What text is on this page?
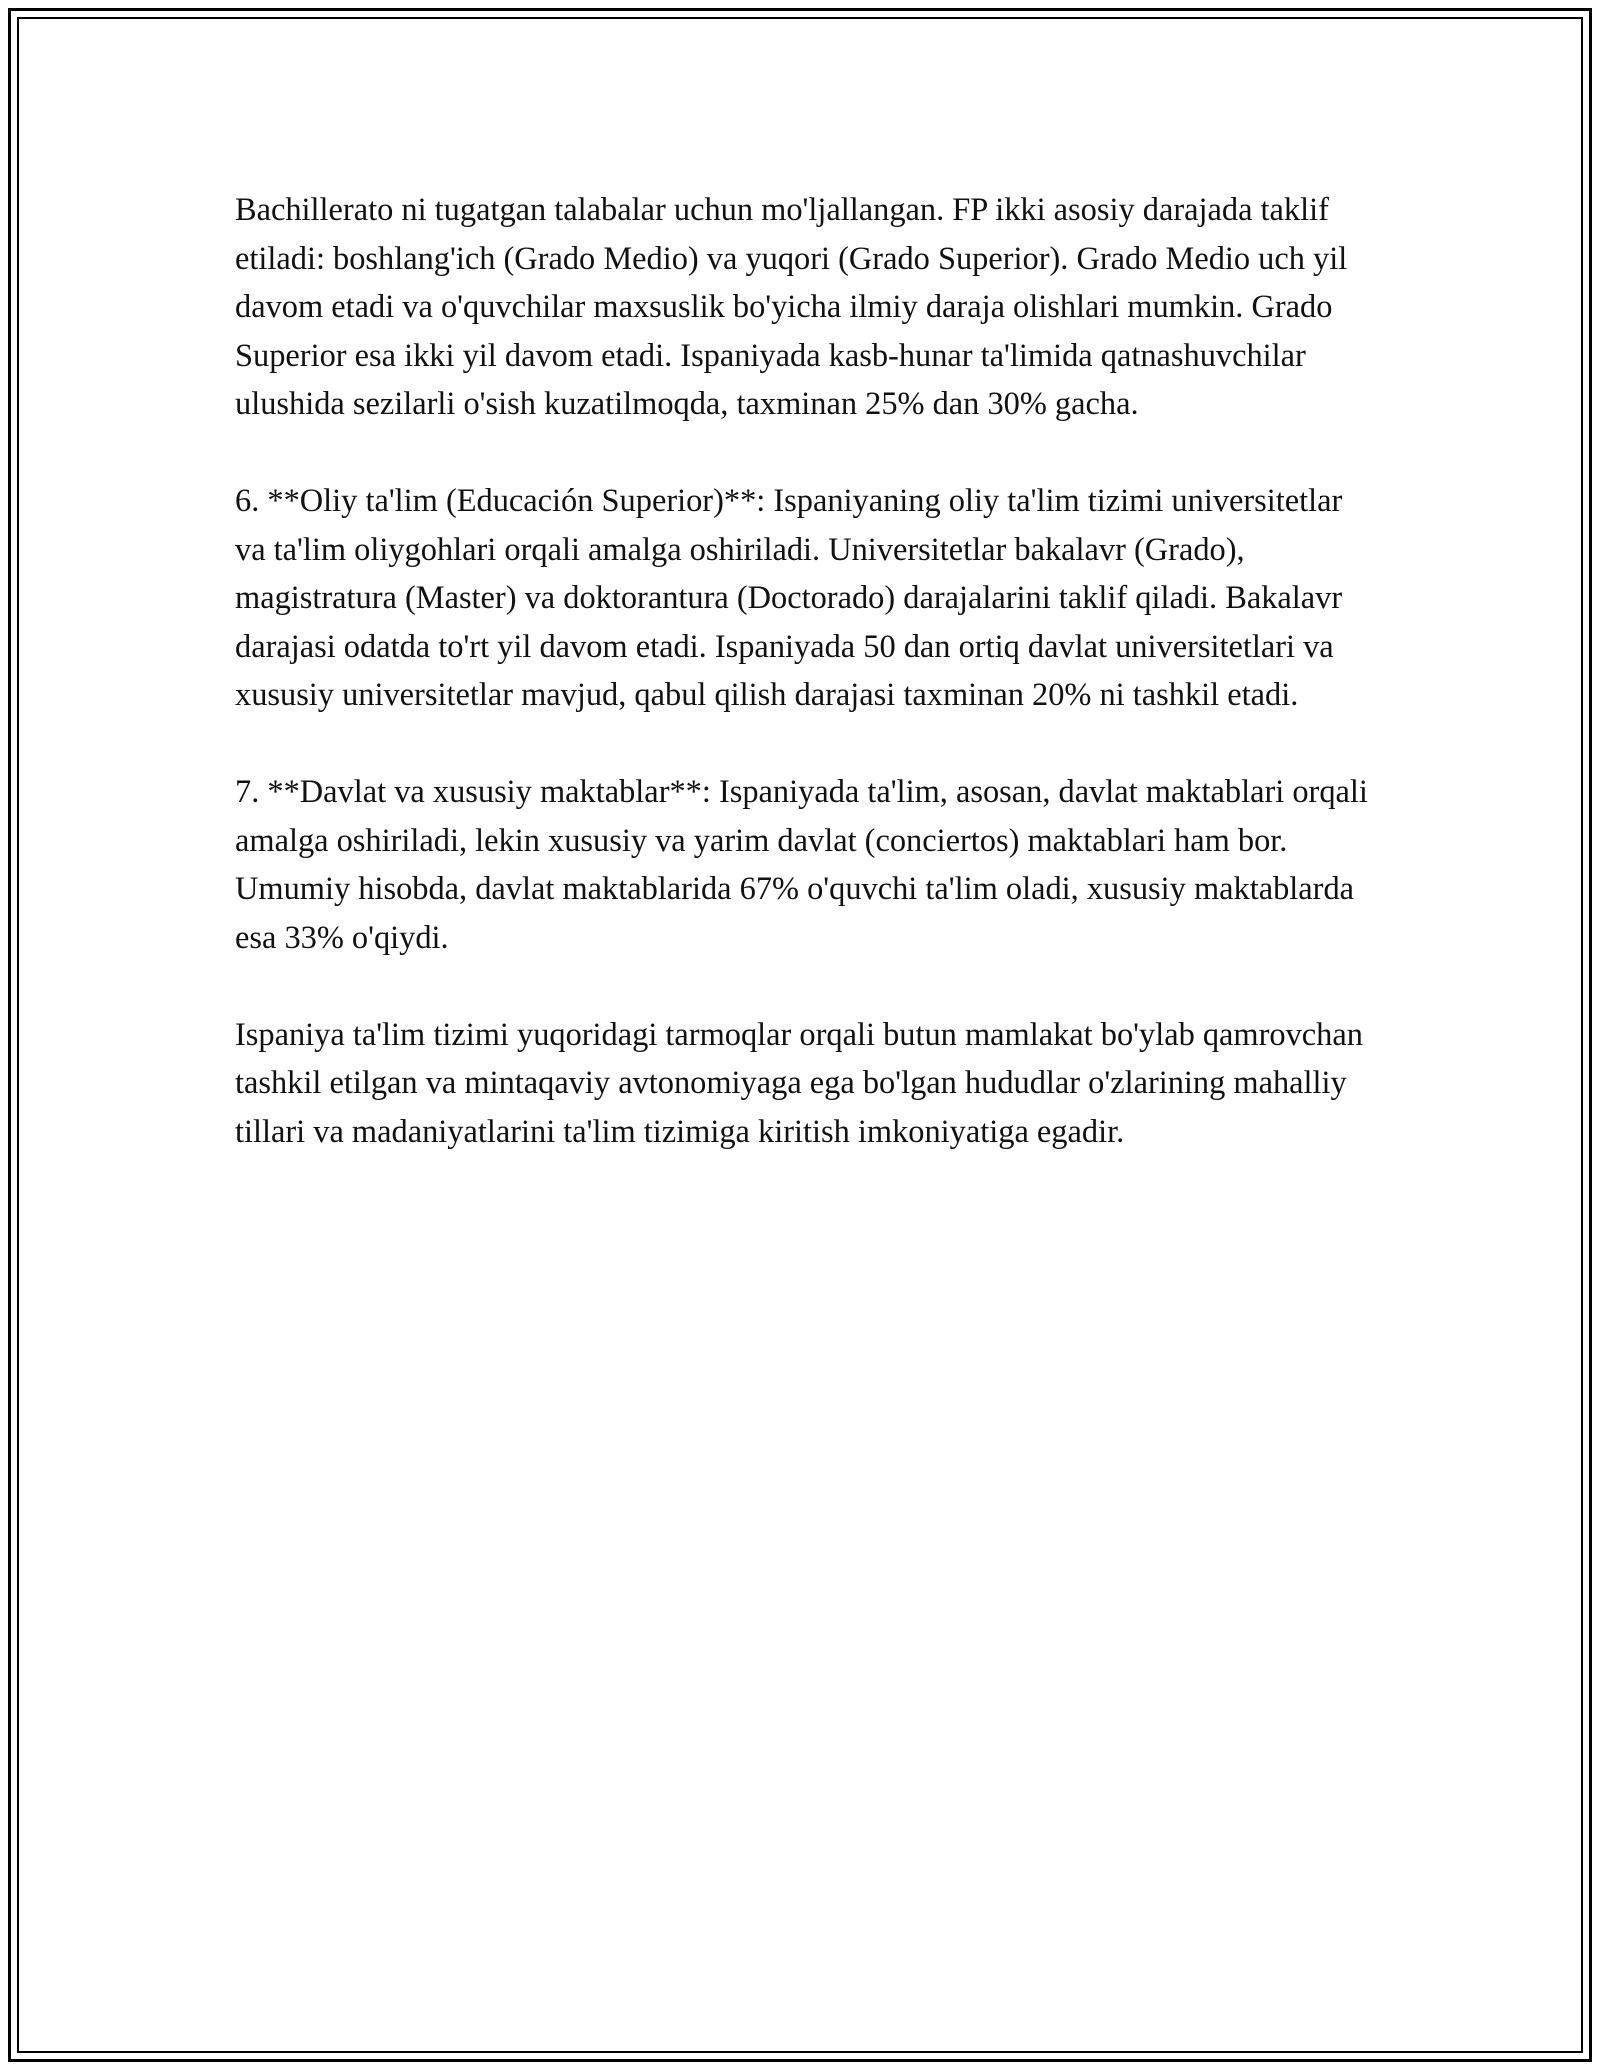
Bachillerato ni tugatgan talabalar uchun mo'ljallangan. FP ikki asosiy darajada taklif etiladi: boshlang'ich (Grado Medio) va yuqori (Grado Superior). Grado Medio uch yil davom etadi va o'quvchilar maxsuslik bo'yicha ilmiy daraja olishlari mumkin. Grado Superior esa ikki yil davom etadi. Ispaniyada kasb-hunar ta'limida qatnashuvchilar ulushida sezilarli o'sish kuzatilmoqda, taxminan 25% dan 30% gacha.

6. **Oliy ta'lim (Educación Superior)**: Ispaniyaning oliy ta'lim tizimi universitetlar va ta'lim oliygohlari orqali amalga oshiriladi. Universitetlar bakalavr (Grado), magistratura (Master) va doktorantura (Doctorado) darajalarini taklif qiladi. Bakalavr darajasi odatda to'rt yil davom etadi. Ispaniyada 50 dan ortiq davlat universitetlari va xususiy universitetlar mavjud, qabul qilish darajasi taxminan 20% ni tashkil etadi.

7. **Davlat va xususiy maktablar**: Ispaniyada ta'lim, asosan, davlat maktablari orqali amalga oshiriladi, lekin xususiy va yarim davlat (conciertos) maktablari ham bor. Umumiy hisobda, davlat maktablarida 67% o'quvchi ta'lim oladi, xususiy maktablarda esa 33% o'qiydi.

Ispaniya ta'lim tizimi yuqoridagi tarmoqlar orqali butun mamlakat bo'ylab qamrovchan tashkil etilgan va mintaqaviy avtonomiyaga ega bo'lgan hududlar o'zlarining mahalliy tillari va madaniyatlarini ta'lim tizimiga kiritish imkoniyatiga egadir.
